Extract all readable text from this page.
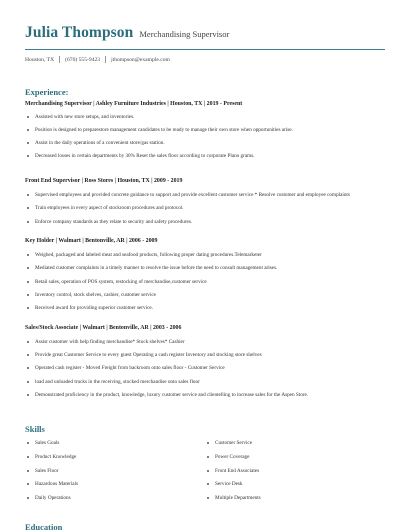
Julia Thompson Merchandising Supervisor
Houston, TX (670) 555-9423 jthompson@example.com
Experience:
Merchandising Supervisor | Ashley Furniture Industries | Houston, TX | 2019 - Present
Assisted with new store setups, and inventories.
Position is designed to preparestore management candidates to be ready to manage their own store when opportunities arise.
Assist in the daily operations of a convenient store/gas station.
Decreased losses in certain departments by 30% Reset the sales floor according to corporate Plano grams.
Front End Supervisor | Ross Stores | Houston, TX | 2009 - 2019
Supervised employees and provided concrete guidance to support and provide excellent customer service * Resolve customer and employee complaints
Train employees in every aspect of stockroom procedures and protocol.
Enforce company standards as they relate to security and safety procedures.
Key Holder | Walmart | Bentonville, AR | 2006 - 2009
Weighed, packaged and labeled meat and seafood products, following proper dating procedures.Telemarketer
Mediated customer complaints in a timely manner to resolve the issue before the need to consult management arises.
Retail sales, operation of POS system, restocking of merchandise,customer service
Inventory control, stock shelves, cashier, customer service
Received award for providing superior customer service.
Sales/Stock Associate | Walmart | Bentonville, AR | 2003 - 2006
Assist customer with help finding merchandise* Stock shelves* Cashier
Provide great Customer Service to every guest Operating a cash register Inventory and stocking store shelves
Operated cash register - Moved Freight from backroom onto sales floor - Customer Service
load and unloaded trucks in the receiving, stocked merchandise onto sales floor
Demonstrated proficiency in the product, knowledge, luxury customer service and clientelling to increase sales for the Aspen Store.
Skills
Sales Goals
Product Knowledge
Sales Floor
Hazardous Materials
Daily Operations
Customer Service
Power Coverage
Front End Associates
Service Desk
Multiple Departments
Education
